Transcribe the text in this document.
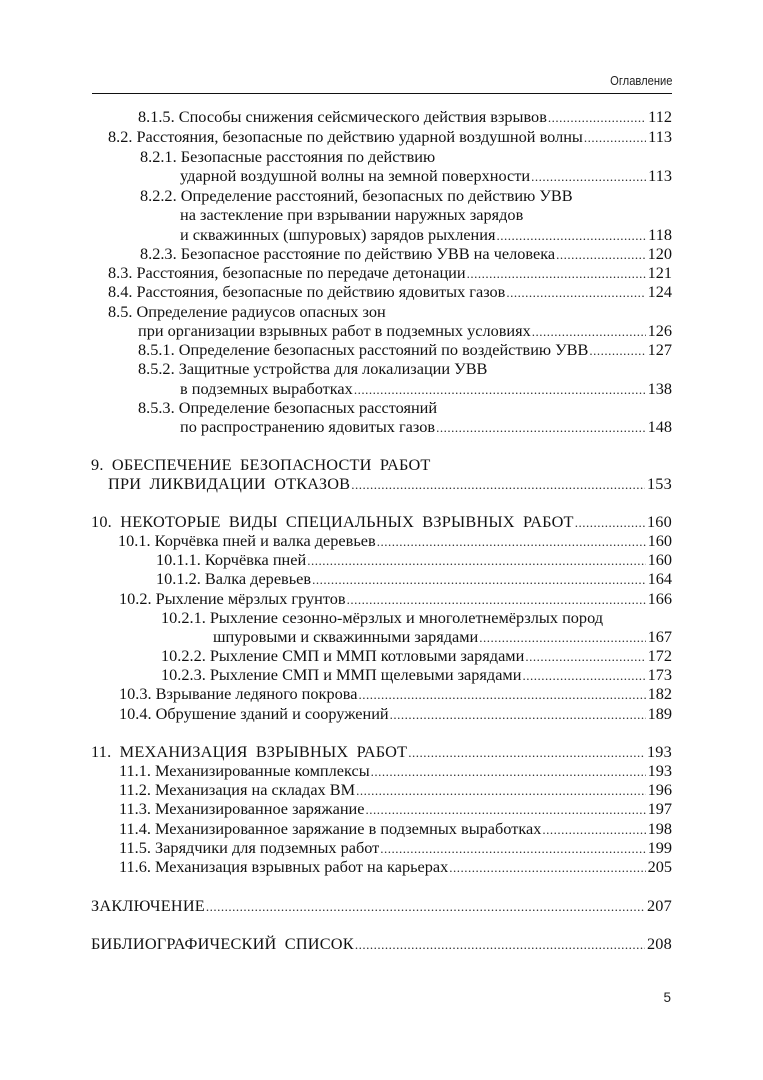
Оглавление
8.1.5. Способы снижения сейсмического действия взрывов .....	112
8.2. Расстояния, безопасные по действию ударной воздушной волны .....	113
8.2.1. Безопасные расстояния по действию
ударной воздушной волны на земной поверхности .....	113
8.2.2. Определение расстояний, безопасных по действию УВВ
на застекление при взрывании наружных зарядов
и скважинных (шпуровых) зарядов рыхления .....	118
8.2.3. Безопасное расстояние по действию УВВ на человека .....	120
8.3. Расстояния, безопасные по передаче детонации .....	121
8.4. Расстояния, безопасные по действию ядовитых газов .....	124
8.5. Определение радиусов опасных зон
при организации взрывных работ в подземных условиях .....	126
8.5.1. Определение безопасных расстояний по воздействию УВВ .....	127
8.5.2. Защитные устройства для локализации УВВ
в подземных выработках .....	138
8.5.3. Определение безопасных расстояний
по распространению ядовитых газов .....	148
9. ОБЕСПЕЧЕНИЕ БЕЗОПАСНОСТИ РАБОТ
ПРИ ЛИКВИДАЦИИ ОТКАЗОВ .....	153
10. НЕКОТОРЫЕ ВИДЫ СПЕЦИАЛЬНЫХ ВЗРЫВНЫХ РАБОТ .....	160
10.1. Корчёвка пней и валка деревьев .....	160
10.1.1. Корчёвка пней .....	160
10.1.2. Валка деревьев .....	164
10.2. Рыхление мёрзлых грунтов .....	166
10.2.1. Рыхление сезонно-мёрзлых и многолетнемёрзлых пород
шпуровыми и скважинными зарядами .....	167
10.2.2. Рыхление СМП и ММП котловыми зарядами .....	172
10.2.3. Рыхление СМП и ММП щелевыми зарядами .....	173
10.3. Взрывание ледяного покрова .....	182
10.4. Обрушение зданий и сооружений .....	189
11. МЕХАНИЗАЦИЯ ВЗРЫВНЫХ РАБОТ .....	193
11.1. Механизированные комплексы .....	193
11.2. Механизация на складах ВМ .....	196
11.3. Механизированное заряжание .....	197
11.4. Механизированное заряжание в подземных выработках .....	198
11.5. Зарядчики для подземных работ .....	199
11.6. Механизация взрывных работ на карьерах .....	205
ЗАКЛЮЧЕНИЕ .....	207
БИБЛИОГРАФИЧЕСКИЙ СПИСОК .....	208
5
